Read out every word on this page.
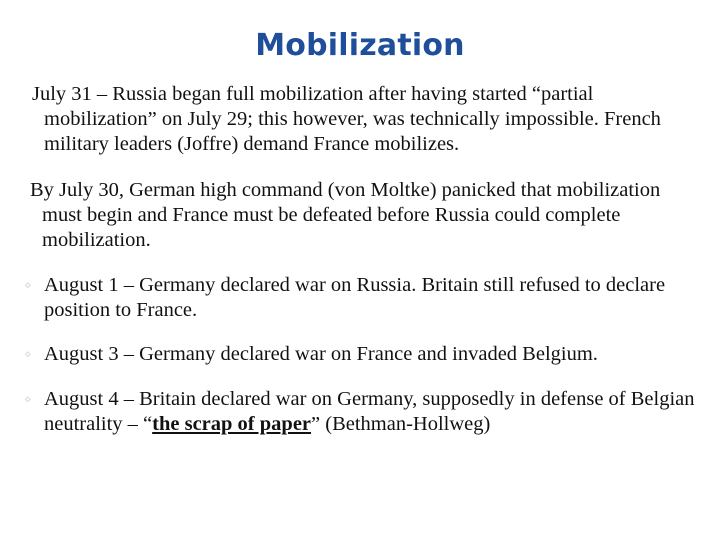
Mobilization
July 31 – Russia began full mobilization after having started “partial mobilization” on July 29; this however, was technically impossible. French military leaders (Joffre) demand France mobilizes.
By July 30, German high command (von Moltke) panicked that mobilization must begin and France must be defeated before Russia could complete mobilization.
⋄ August 1 – Germany declared war on Russia. Britain still refused to declare position to France.
⋄ August 3 – Germany declared war on France and invaded Belgium.
⋄ August 4 – Britain declared war on Germany, supposedly in defense of Belgian neutrality – “the scrap of paper” (Bethman-Hollweg)
